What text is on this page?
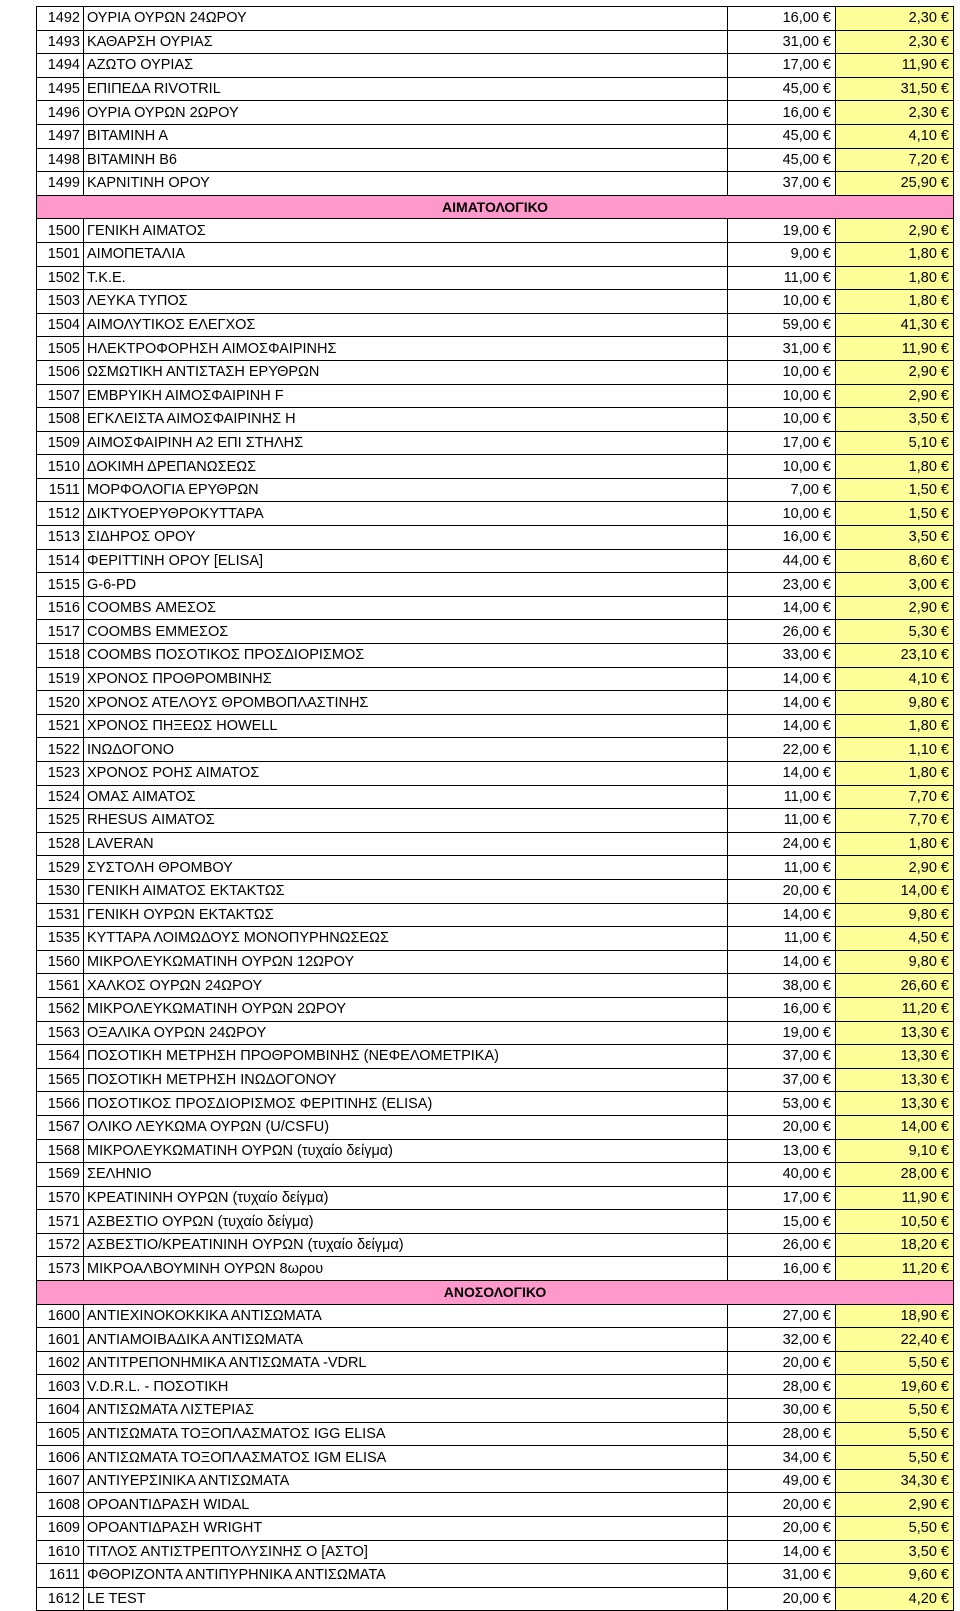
1492	ΟΥΡΙΑ ΟΥΡΩΝ 24ΩΡΟΥ	16,00 €	2,30 €
1493	ΚΑΘΑΡΣΗ ΟΥΡΙΑΣ	31,00 €	2,30 €
1494	ΑΖΩΤΟ ΟΥΡΙΑΣ	17,00 €	11,90 €
1495	ΕΠΙΠΕΔΑ RIVOTRIL	45,00 €	31,50 €
1496	ΟΥΡΙΑ ΟΥΡΩΝ 2ΩΡΟΥ	16,00 €	2,30 €
1497	ΒΙΤΑΜΙΝΗ Α	45,00 €	4,10 €
1498	ΒΙΤΑΜΙΝΗ Β6	45,00 €	7,20 €
1499	ΚΑΡΝΙΤΙΝΗ ΟΡΟΥ	37,00 €	25,90 €
ΑΙΜΑΤΟΛΟΓΙΚΟ			
1500	ΓΕΝΙΚΗ ΑΙΜΑΤΟΣ	19,00 €	2,90 €
1501	ΑΙΜΟΠΕΤΑΛΙΑ	9,00 €	1,80 €
1502	Τ.Κ.Ε.	11,00 €	1,80 €
1503	ΛΕΥΚΑ ΤΥΠΟΣ	10,00 €	1,80 €
1504	ΑΙΜΟΛΥΤΙΚΟΣ ΕΛΕΓΧΟΣ	59,00 €	41,30 €
1505	ΗΛΕΚΤΡΟΦΟΡΗΣΗ ΑΙΜΟΣΦΑΙΡΙΝΗΣ	31,00 €	11,90 €
1506	ΩΣΜΩΤΙΚΗ ΑΝΤΙΣΤΑΣΗ ΕΡΥΘΡΩΝ	10,00 €	2,90 €
1507	ΕΜΒΡΥΙΚΗ ΑΙΜΟΣΦΑΙΡΙΝΗ F	10,00 €	2,90 €
1508	ΕΓΚΛΕΙΣΤΑ ΑΙΜΟΣΦΑΙΡΙΝΗΣ Η	10,00 €	3,50 €
1509	ΑΙΜΟΣΦΑΙΡΙΝΗ Α2 ΕΠΙ ΣΤΗΛΗΣ	17,00 €	5,10 €
1510	ΔΟΚΙΜΗ ΔΡΕΠΑΝΩΣΕΩΣ	10,00 €	1,80 €
1511	ΜΟΡΦΟΛΟΓΙΑ ΕΡΥΘΡΩΝ	7,00 €	1,50 €
1512	ΔΙΚΤΥΟΕΡΥΘΡΟΚΥΤΤΑΡΑ	10,00 €	1,50 €
1513	ΣΙΔΗΡΟΣ ΟΡΟΥ	16,00 €	3,50 €
1514	ΦΕΡΙΤΤΙΝΗ ΟΡΟΥ [ELISA]	44,00 €	8,60 €
1515	G-6-PD	23,00 €	3,00 €
1516	COOMBS ΑΜΕΣΟΣ	14,00 €	2,90 €
1517	COOMBS ΕΜΜΕΣΟΣ	26,00 €	5,30 €
1518	COOMBS ΠΟΣΟΤΙΚΟΣ ΠΡΟΣΔΙΟΡΙΣΜΟΣ	33,00 €	23,10 €
1519	ΧΡΟΝΟΣ ΠΡΟΘΡΟΜΒΙΝΗΣ	14,00 €	4,10 €
1520	ΧΡΟΝΟΣ ΑΤΕΛΟΥΣ ΘΡΟΜΒΟΠΛΑΣΤΙΝΗΣ	14,00 €	9,80 €
1521	ΧΡΟΝΟΣ ΠΗΞΕΩΣ HOWELL	14,00 €	1,80 €
1522	ΙΝΩΔΟΓΟΝΟ	22,00 €	1,10 €
1523	ΧΡΟΝΟΣ ΡΟΗΣ ΑΙΜΑΤΟΣ	14,00 €	1,80 €
1524	ΟΜΑΣ ΑΙΜΑΤΟΣ	11,00 €	7,70 €
1525	RHESUS ΑΙΜΑΤΟΣ	11,00 €	7,70 €
1528	LAVERAN	24,00 €	1,80 €
1529	ΣΥΣΤΟΛΗ ΘΡΟΜΒΟΥ	11,00 €	2,90 €
1530	ΓΕΝΙΚΗ ΑΙΜΑΤΟΣ ΕΚΤΑΚΤΩΣ	20,00 €	14,00 €
1531	ΓΕΝΙΚΗ ΟΥΡΩΝ ΕΚΤΑΚΤΩΣ	14,00 €	9,80 €
1535	ΚΥΤΤΑΡΑ ΛΟΙΜΩΔΟΥΣ ΜΟΝΟΠΥΡΗΝΩΣΕΩΣ	11,00 €	4,50 €
1560	ΜΙΚΡΟΛΕΥΚΩΜΑΤΙΝΗ ΟΥΡΩΝ 12ΩΡΟΥ	14,00 €	9,80 €
1561	ΧΑΛΚΟΣ ΟΥΡΩΝ 24ΩΡΟΥ	38,00 €	26,60 €
1562	ΜΙΚΡΟΛΕΥΚΩΜΑΤΙΝΗ ΟΥΡΩΝ 2ΩΡΟΥ	16,00 €	11,20 €
1563	ΟΞΑΛΙΚΑ ΟΥΡΩΝ 24ΩΡΟΥ	19,00 €	13,30 €
1564	ΠΟΣΟΤΙΚΗ ΜΕΤΡΗΣΗ ΠΡΟΘΡΟΜΒΙΝΗΣ (ΝΕΦΕΛΟΜΕΤΡΙΚΑ)	37,00 €	13,30 €
1565	ΠΟΣΟΤΙΚΗ ΜΕΤΡΗΣΗ ΙΝΩΔΟΓΟΝΟΥ	37,00 €	13,30 €
1566	ΠΟΣΟΤΙΚΟΣ ΠΡΟΣΔΙΟΡΙΣΜΟΣ ΦΕΡΙΤΙΝΗΣ (ELISA)	53,00 €	13,30 €
1567	ΟΛΙΚΟ ΛΕΥΚΩΜΑ ΟΥΡΩΝ (U/CSFU)	20,00 €	14,00 €
1568	ΜΙΚΡΟΛΕΥΚΩΜΑΤΙΝΗ ΟΥΡΩΝ (τυχαίο δείγμα)	13,00 €	9,10 €
1569	ΣΕΛΗΝΙΟ	40,00 €	28,00 €
1570	ΚΡΕΑΤΙΝΙΝΗ ΟΥΡΩΝ (τυχαίο δείγμα)	17,00 €	11,90 €
1571	ΑΣΒΕΣΤΙΟ ΟΥΡΩΝ (τυχαίο δείγμα)	15,00 €	10,50 €
1572	ΑΣΒΕΣΤΙΟ/ΚΡΕΑΤΙΝΙΝΗ ΟΥΡΩΝ (τυχαίο δείγμα)	26,00 €	18,20 €
1573	ΜΙΚΡΟΑΛΒΟΥΜΙΝΗ ΟΥΡΩΝ 8ωρου	16,00 €	11,20 €
ΑΝΟΣΟΛΟΓΙΚΟ			
1600	ΑΝΤΙΕΧΙΝΟΚΟΚΚΙΚΑ ΑΝΤΙΣΩΜΑΤΑ	27,00 €	18,90 €
1601	ΑΝΤΙΑΜΟΙΒΑΔΙΚΑ ΑΝΤΙΣΩΜΑΤΑ	32,00 €	22,40 €
1602	ΑΝΤΙΤΡΕΠΟΝΗΜΙΚΑ ΑΝΤΙΣΩΜΑΤΑ -VDRL	20,00 €	5,50 €
1603	V.D.R.L. - ΠΟΣΟΤΙΚΗ	28,00 €	19,60 €
1604	ΑΝΤΙΣΩΜΑΤΑ ΛΙΣΤΕΡΙΑΣ	30,00 €	5,50 €
1605	ΑΝΤΙΣΩΜΑΤΑ ΤΟΞΟΠΛΑΣΜΑΤΟΣ IGG ELISA	28,00 €	5,50 €
1606	ΑΝΤΙΣΩΜΑΤΑ ΤΟΞΟΠΛΑΣΜΑΤΟΣ IGM ELISA	34,00 €	5,50 €
1607	ΑΝΤΙΥΕΡΣΙΝΙΚΑ ΑΝΤΙΣΩΜΑΤΑ	49,00 €	34,30 €
1608	ΟΡΟΑΝΤΙΔΡΑΣΗ WIDAL	20,00 €	2,90 €
1609	ΟΡΟΑΝΤΙΔΡΑΣΗ WRIGHT	20,00 €	5,50 €
1610	ΤΙΤΛΟΣ ΑΝΤΙΣΤΡΕΠΤΟΛΥΣΙΝΗΣ Ο [ΑΣΤΟ]	14,00 €	3,50 €
1611	ΦΘΟΡΙΖΟΝΤΑ ΑΝΤΙΠΥΡΗΝΙΚΑ ΑΝΤΙΣΩΜΑΤΑ	31,00 €	9,60 €
1612	LE TEST	20,00 €	4,20 €
